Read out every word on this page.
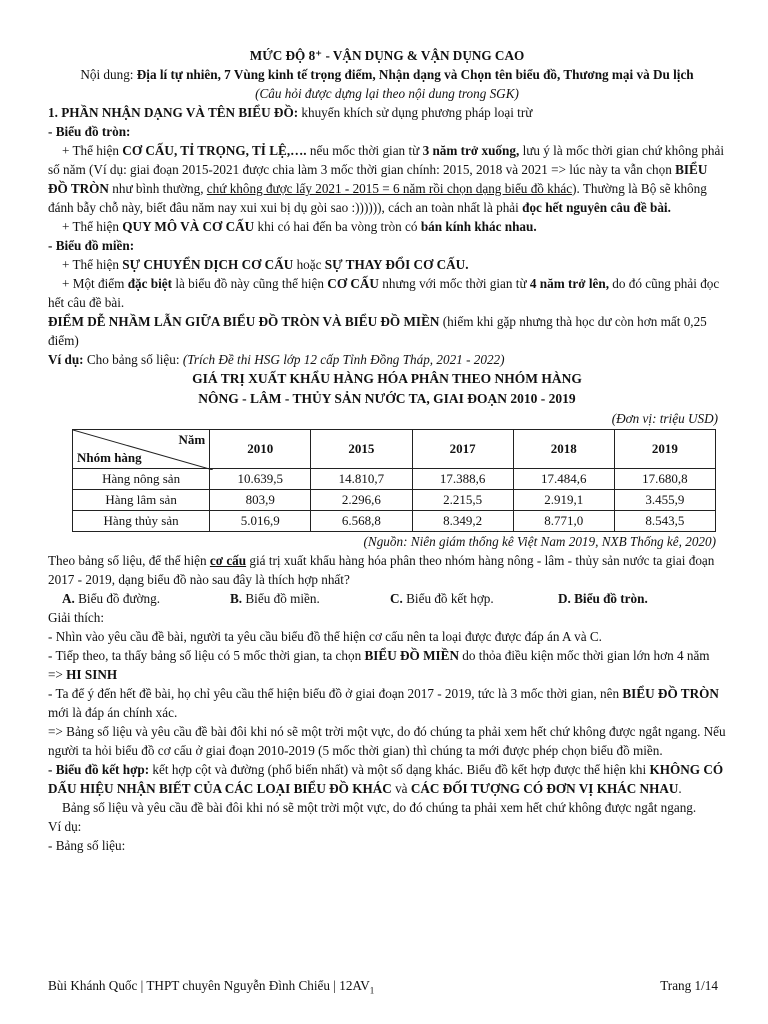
MỨC ĐỘ 8⁺ - VẬN DỤNG & VẬN DỤNG CAO

Nội dung: Địa lí tự nhiên, 7 Vùng kinh tế trọng điểm, Nhận dạng và Chọn tên biểu đồ, Thương mại và Du lịch

(Câu hỏi được dựng lại theo nội dung trong SGK)

1. PHẦN NHẬN DẠNG VÀ TÊN BIỂU ĐỒ: khuyến khích sử dụng phương pháp loại trừ

- Biểu đồ tròn:

+ Thể hiện CƠ CẤU, TỈ TRỌNG, TỈ LỆ,…. nếu mốc thời gian từ 3 năm trở xuống, lưu ý là mốc thời gian chứ không phải số năm (Ví dụ: giai đoạn 2015-2021 được chia làm 3 mốc thời gian chính: 2015, 2018 và 2021 => lúc này ta vẫn chọn BIỂU ĐỒ TRÒN như bình thường, chứ không được lấy 2021 - 2015 = 6 năm rồi chọn dạng biểu đồ khác). Thường là Bộ sẽ không đánh bẫy chỗ này, biết đâu năm nay xui xui bị dụ gòi sao :)))))), cách an toàn nhất là phải đọc hết nguyên câu đề bài.

+ Thể hiện QUY MÔ VÀ CƠ CẤU khi có hai đến ba vòng tròn có bán kính khác nhau.

- Biểu đồ miền:

+ Thể hiện SỰ CHUYỂN DỊCH CƠ CẤU hoặc SỰ THAY ĐỔI CƠ CẤU.

+ Một điểm đặc biệt là biểu đồ này cũng thể hiện CƠ CẤU nhưng với mốc thời gian từ 4 năm trở lên, do đó cũng phải đọc hết câu đề bài.

ĐIỂM DỄ NHẦM LẪN GIỮA BIỂU ĐỒ TRÒN VÀ BIỂU ĐỒ MIỀN (hiếm khi gặp nhưng thà học dư còn hơn mất 0,25 điểm)

Ví dụ: Cho bảng số liệu: (Trích Đề thi HSG lớp 12 cấp Tỉnh Đồng Tháp, 2021 - 2022)

GIÁ TRỊ XUẤT KHẨU HÀNG HÓA PHÂN THEO NHÓM HÀNG

NÔNG - LÂM - THỦY SẢN NƯỚC TA, GIAI ĐOẠN 2010 - 2019

(Đơn vị: triệu USD)

Năm
Nhóm hàng	2010	2015	2017	2018	2019
Hàng nông sản	10.639,5	14.810,7	17.388,6	17.484,6	17.680,8
Hàng lâm sản	803,9	2.296,6	2.215,5	2.919,1	3.455,9
Hàng thủy sản	5.016,9	6.568,8	8.349,2	8.771,0	8.543,5

(Nguồn: Niên giám thống kê Việt Nam 2019, NXB Thống kê, 2020)

Theo bảng số liệu, để thể hiện cơ cấu giá trị xuất khẩu hàng hóa phân theo nhóm hàng nông - lâm - thủy sản nước ta giai đoạn 2017 - 2019, dạng biểu đồ nào sau đây là thích hợp nhất?

A. Biểu đồ đường.	B. Biểu đồ miền.	C. Biểu đồ kết hợp.	D. Biểu đồ tròn.

Giải thích:

- Nhìn vào yêu cầu đề bài, người ta yêu cầu biểu đồ thể hiện cơ cấu nên ta loại được được đáp án A và C.

- Tiếp theo, ta thấy bảng số liệu có 5 mốc thời gian, ta chọn BIỂU ĐỒ MIỀN do thỏa điều kiện mốc thời gian lớn hơn 4 năm => HI SINH

- Ta để ý đến hết đề bài, họ chỉ yêu cầu thể hiện biểu đồ ở giai đoạn 2017 - 2019, tức là 3 mốc thời gian, nên BIỂU ĐỒ TRÒN mới là đáp án chính xác.

=> Bảng số liệu và yêu cầu đề bài đôi khi nó sẽ một trời một vực, do đó chúng ta phải xem hết chứ không được ngắt ngang. Nếu người ta hỏi biểu đồ cơ cấu ở giai đoạn 2010-2019 (5 mốc thời gian) thì chúng ta mới được phép chọn biểu đồ miền.

- Biểu đồ kết hợp: kết hợp cột và đường (phổ biến nhất) và một số dạng khác. Biểu đồ kết hợp được thể hiện khi KHÔNG CÓ DẤU HIỆU NHẬN BIẾT CỦA CÁC LOẠI BIỂU ĐỒ KHÁC và CÁC ĐỐI TƯỢNG CÓ ĐƠN VỊ KHÁC NHAU.

Bảng số liệu và yêu cầu đề bài đôi khi nó sẽ một trời một vực, do đó chúng ta phải xem hết chứ không được ngắt ngang.

Ví dụ:

- Bảng số liệu:

Bùi Khánh Quốc | THPT chuyên Nguyễn Đình Chiểu | $12AV_1$	Trang 1/14
